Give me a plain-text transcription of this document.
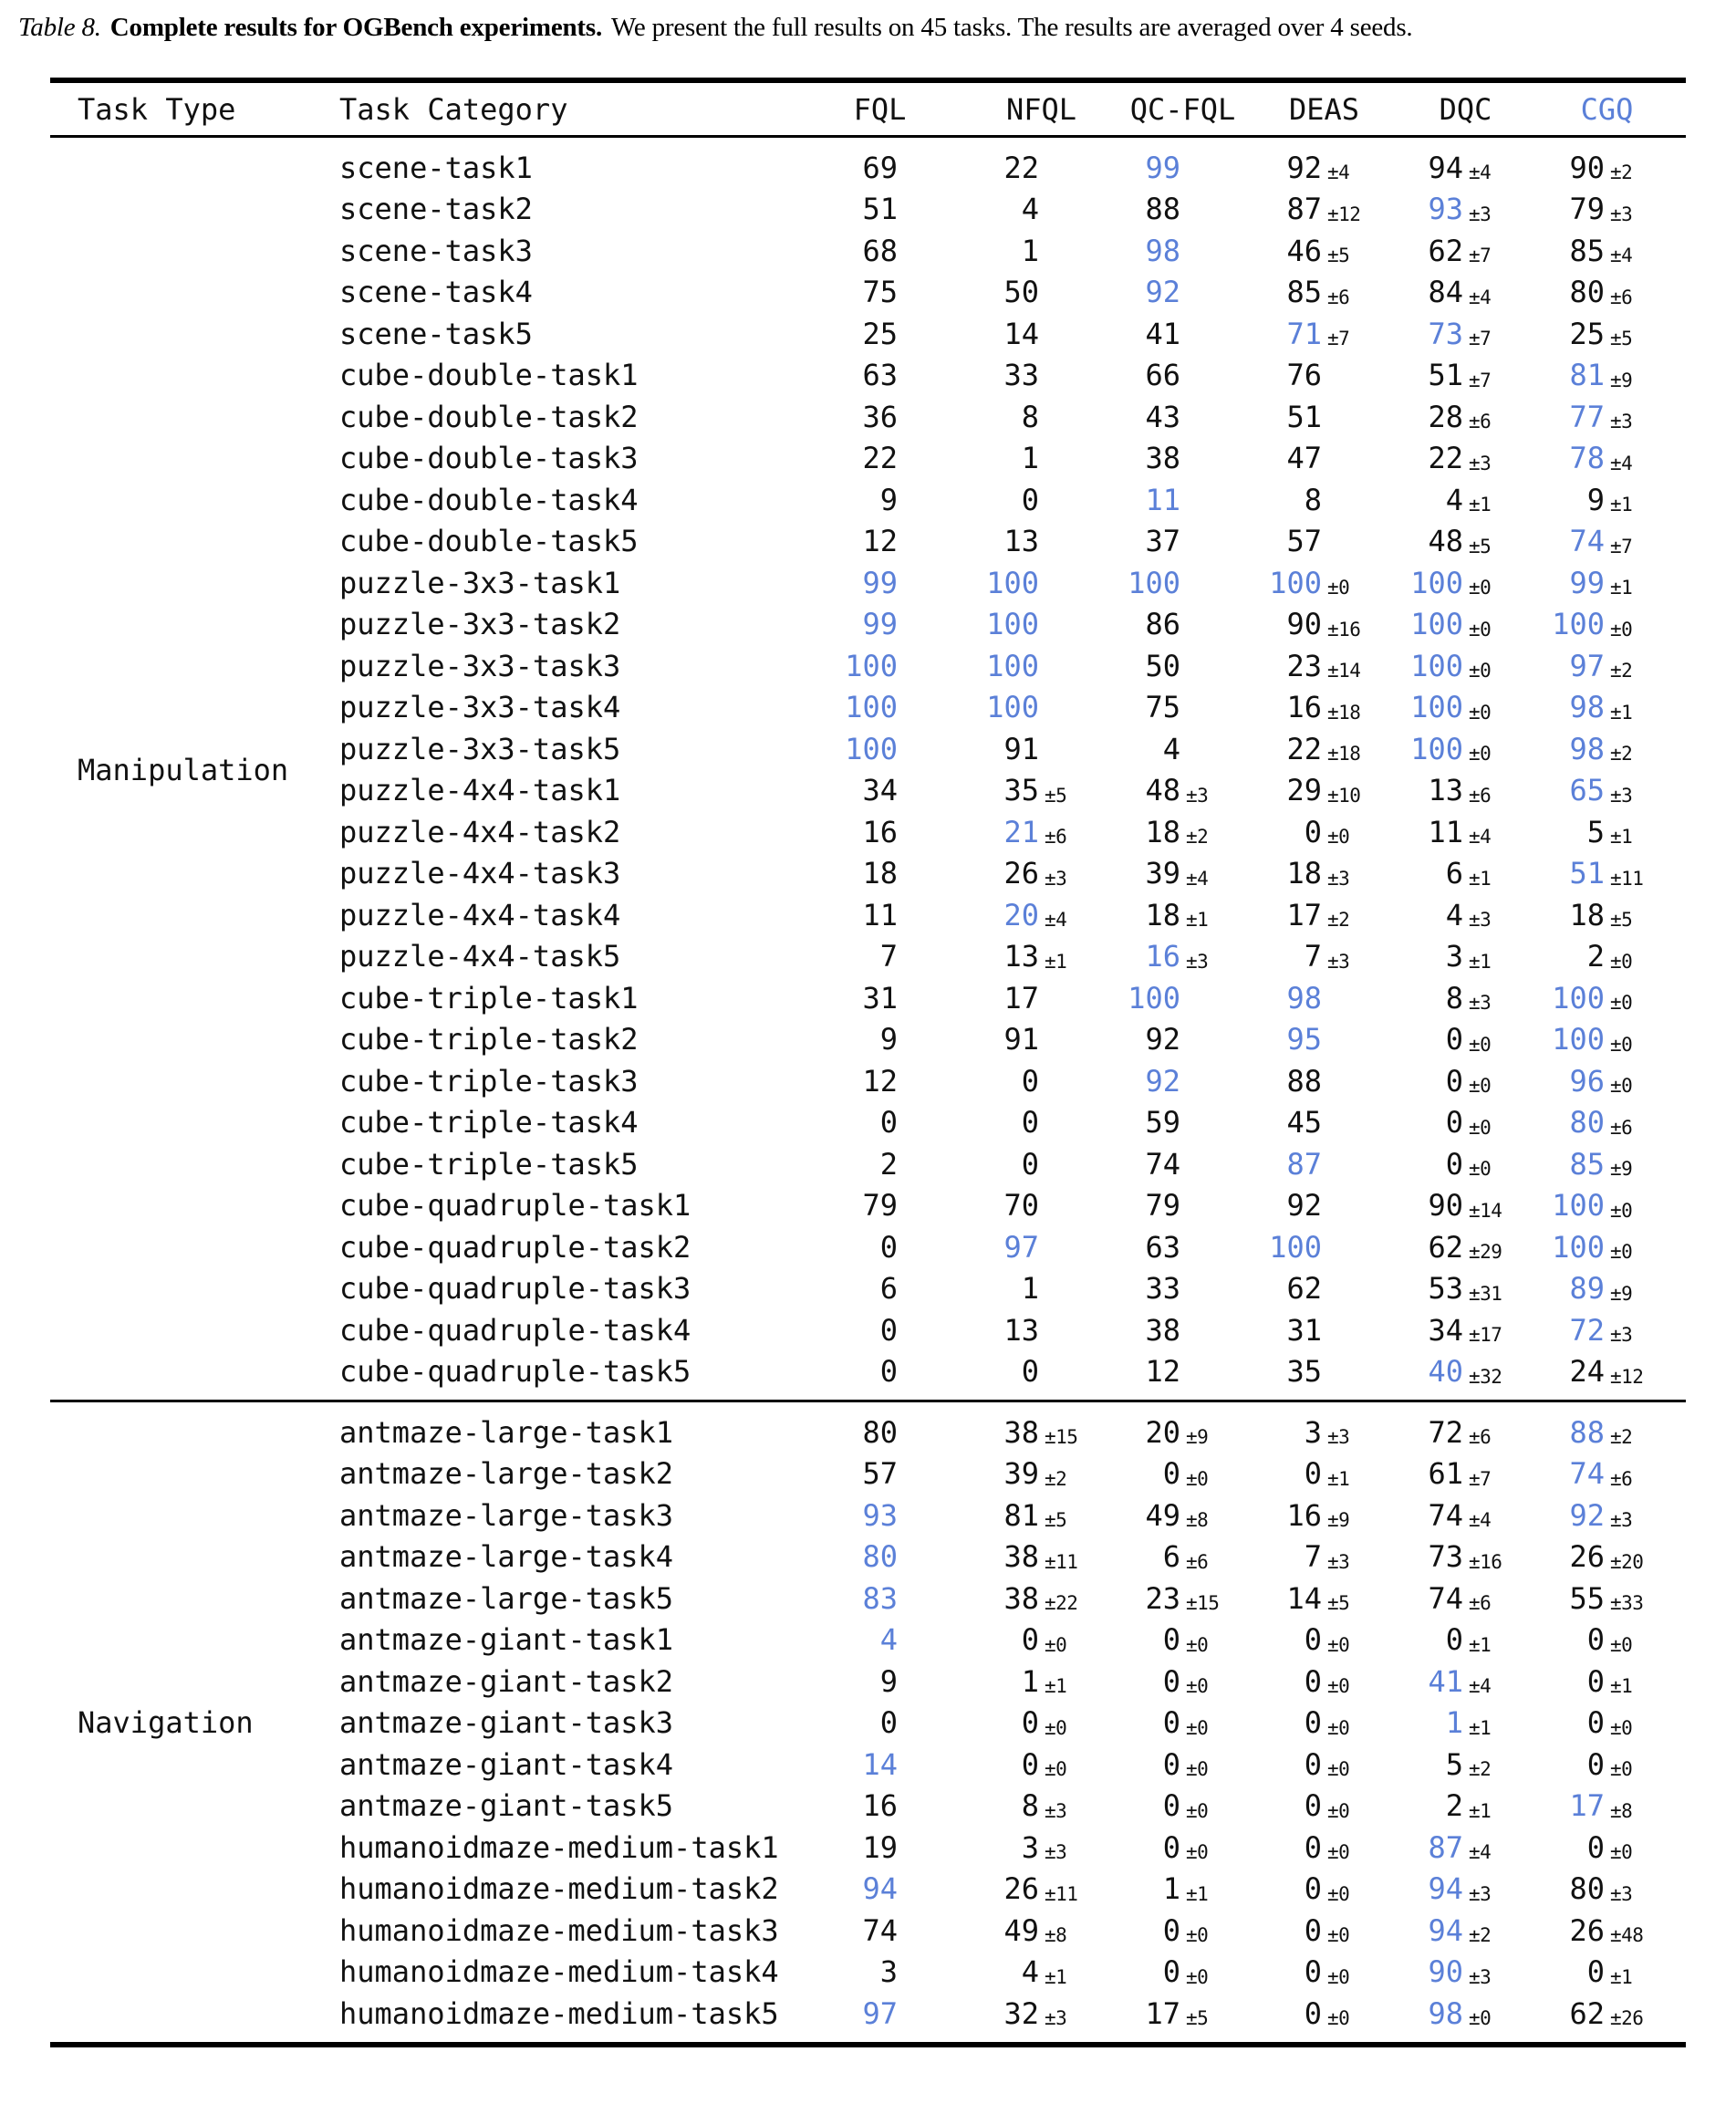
Table 8. Complete results for OGBench experiments. We present the full results on 45 tasks. The results are averaged over 4 seeds.

Task Type	Task Category	FQL	NFQL	QC-FQL	DEAS	DQC	CGQ
Manipulation
scene-task1	69	22	99	92 ±4	94 ±4	90 ±2
scene-task2	51	4	88	87 ±12	93 ±3	79 ±3
scene-task3	68	1	98	46 ±5	62 ±7	85 ±4
scene-task4	75	50	92	85 ±6	84 ±4	80 ±6
scene-task5	25	14	41	71 ±7	73 ±7	25 ±5
cube-double-task1	63	33	66	76	51 ±7	81 ±9
cube-double-task2	36	8	43	51	28 ±6	77 ±3
cube-double-task3	22	1	38	47	22 ±3	78 ±4
cube-double-task4	9	0	11	8	4 ±1	9 ±1
cube-double-task5	12	13	37	57	48 ±5	74 ±7
puzzle-3x3-task1	99	100	100	100 ±0	100 ±0	99 ±1
puzzle-3x3-task2	99	100	86	90 ±16	100 ±0	100 ±0
puzzle-3x3-task3	100	100	50	23 ±14	100 ±0	97 ±2
puzzle-3x3-task4	100	100	75	16 ±18	100 ±0	98 ±1
puzzle-3x3-task5	100	91	4	22 ±18	100 ±0	98 ±2
puzzle-4x4-task1	34	35 ±5	48 ±3	29 ±10	13 ±6	65 ±3
puzzle-4x4-task2	16	21 ±6	18 ±2	0 ±0	11 ±4	5 ±1
puzzle-4x4-task3	18	26 ±3	39 ±4	18 ±3	6 ±1	51 ±11
puzzle-4x4-task4	11	20 ±4	18 ±1	17 ±2	4 ±3	18 ±5
puzzle-4x4-task5	7	13 ±1	16 ±3	7 ±3	3 ±1	2 ±0
cube-triple-task1	31	17	100	98	8 ±3	100 ±0
cube-triple-task2	9	91	92	95	0 ±0	100 ±0
cube-triple-task3	12	0	92	88	0 ±0	96 ±0
cube-triple-task4	0	0	59	45	0 ±0	80 ±6
cube-triple-task5	2	0	74	87	0 ±0	85 ±9
cube-quadruple-task1	79	70	79	92	90 ±14	100 ±0
cube-quadruple-task2	0	97	63	100	62 ±29	100 ±0
cube-quadruple-task3	6	1	33	62	53 ±31	89 ±9
cube-quadruple-task4	0	13	38	31	34 ±17	72 ±3
cube-quadruple-task5	0	0	12	35	40 ±32	24 ±12
Navigation
antmaze-large-task1	80	38 ±15	20 ±9	3 ±3	72 ±6	88 ±2
antmaze-large-task2	57	39 ±2	0 ±0	0 ±1	61 ±7	74 ±6
antmaze-large-task3	93	81 ±5	49 ±8	16 ±9	74 ±4	92 ±3
antmaze-large-task4	80	38 ±11	6 ±6	7 ±3	73 ±16	26 ±20
antmaze-large-task5	83	38 ±22	23 ±15	14 ±5	74 ±6	55 ±33
antmaze-giant-task1	4	0 ±0	0 ±0	0 ±0	0 ±1	0 ±0
antmaze-giant-task2	9	1 ±1	0 ±0	0 ±0	41 ±4	0 ±1
antmaze-giant-task3	0	0 ±0	0 ±0	0 ±0	1 ±1	0 ±0
antmaze-giant-task4	14	0 ±0	0 ±0	0 ±0	5 ±2	0 ±0
antmaze-giant-task5	16	8 ±3	0 ±0	0 ±0	2 ±1	17 ±8
humanoidmaze-medium-task1	19	3 ±3	0 ±0	0 ±0	87 ±4	0 ±0
humanoidmaze-medium-task2	94	26 ±11	1 ±1	0 ±0	94 ±3	80 ±3
humanoidmaze-medium-task3	74	49 ±8	0 ±0	0 ±0	94 ±2	26 ±48
humanoidmaze-medium-task4	3	4 ±1	0 ±0	0 ±0	90 ±3	0 ±1
humanoidmaze-medium-task5	97	32 ±3	17 ±5	0 ±0	98 ±0	62 ±26
